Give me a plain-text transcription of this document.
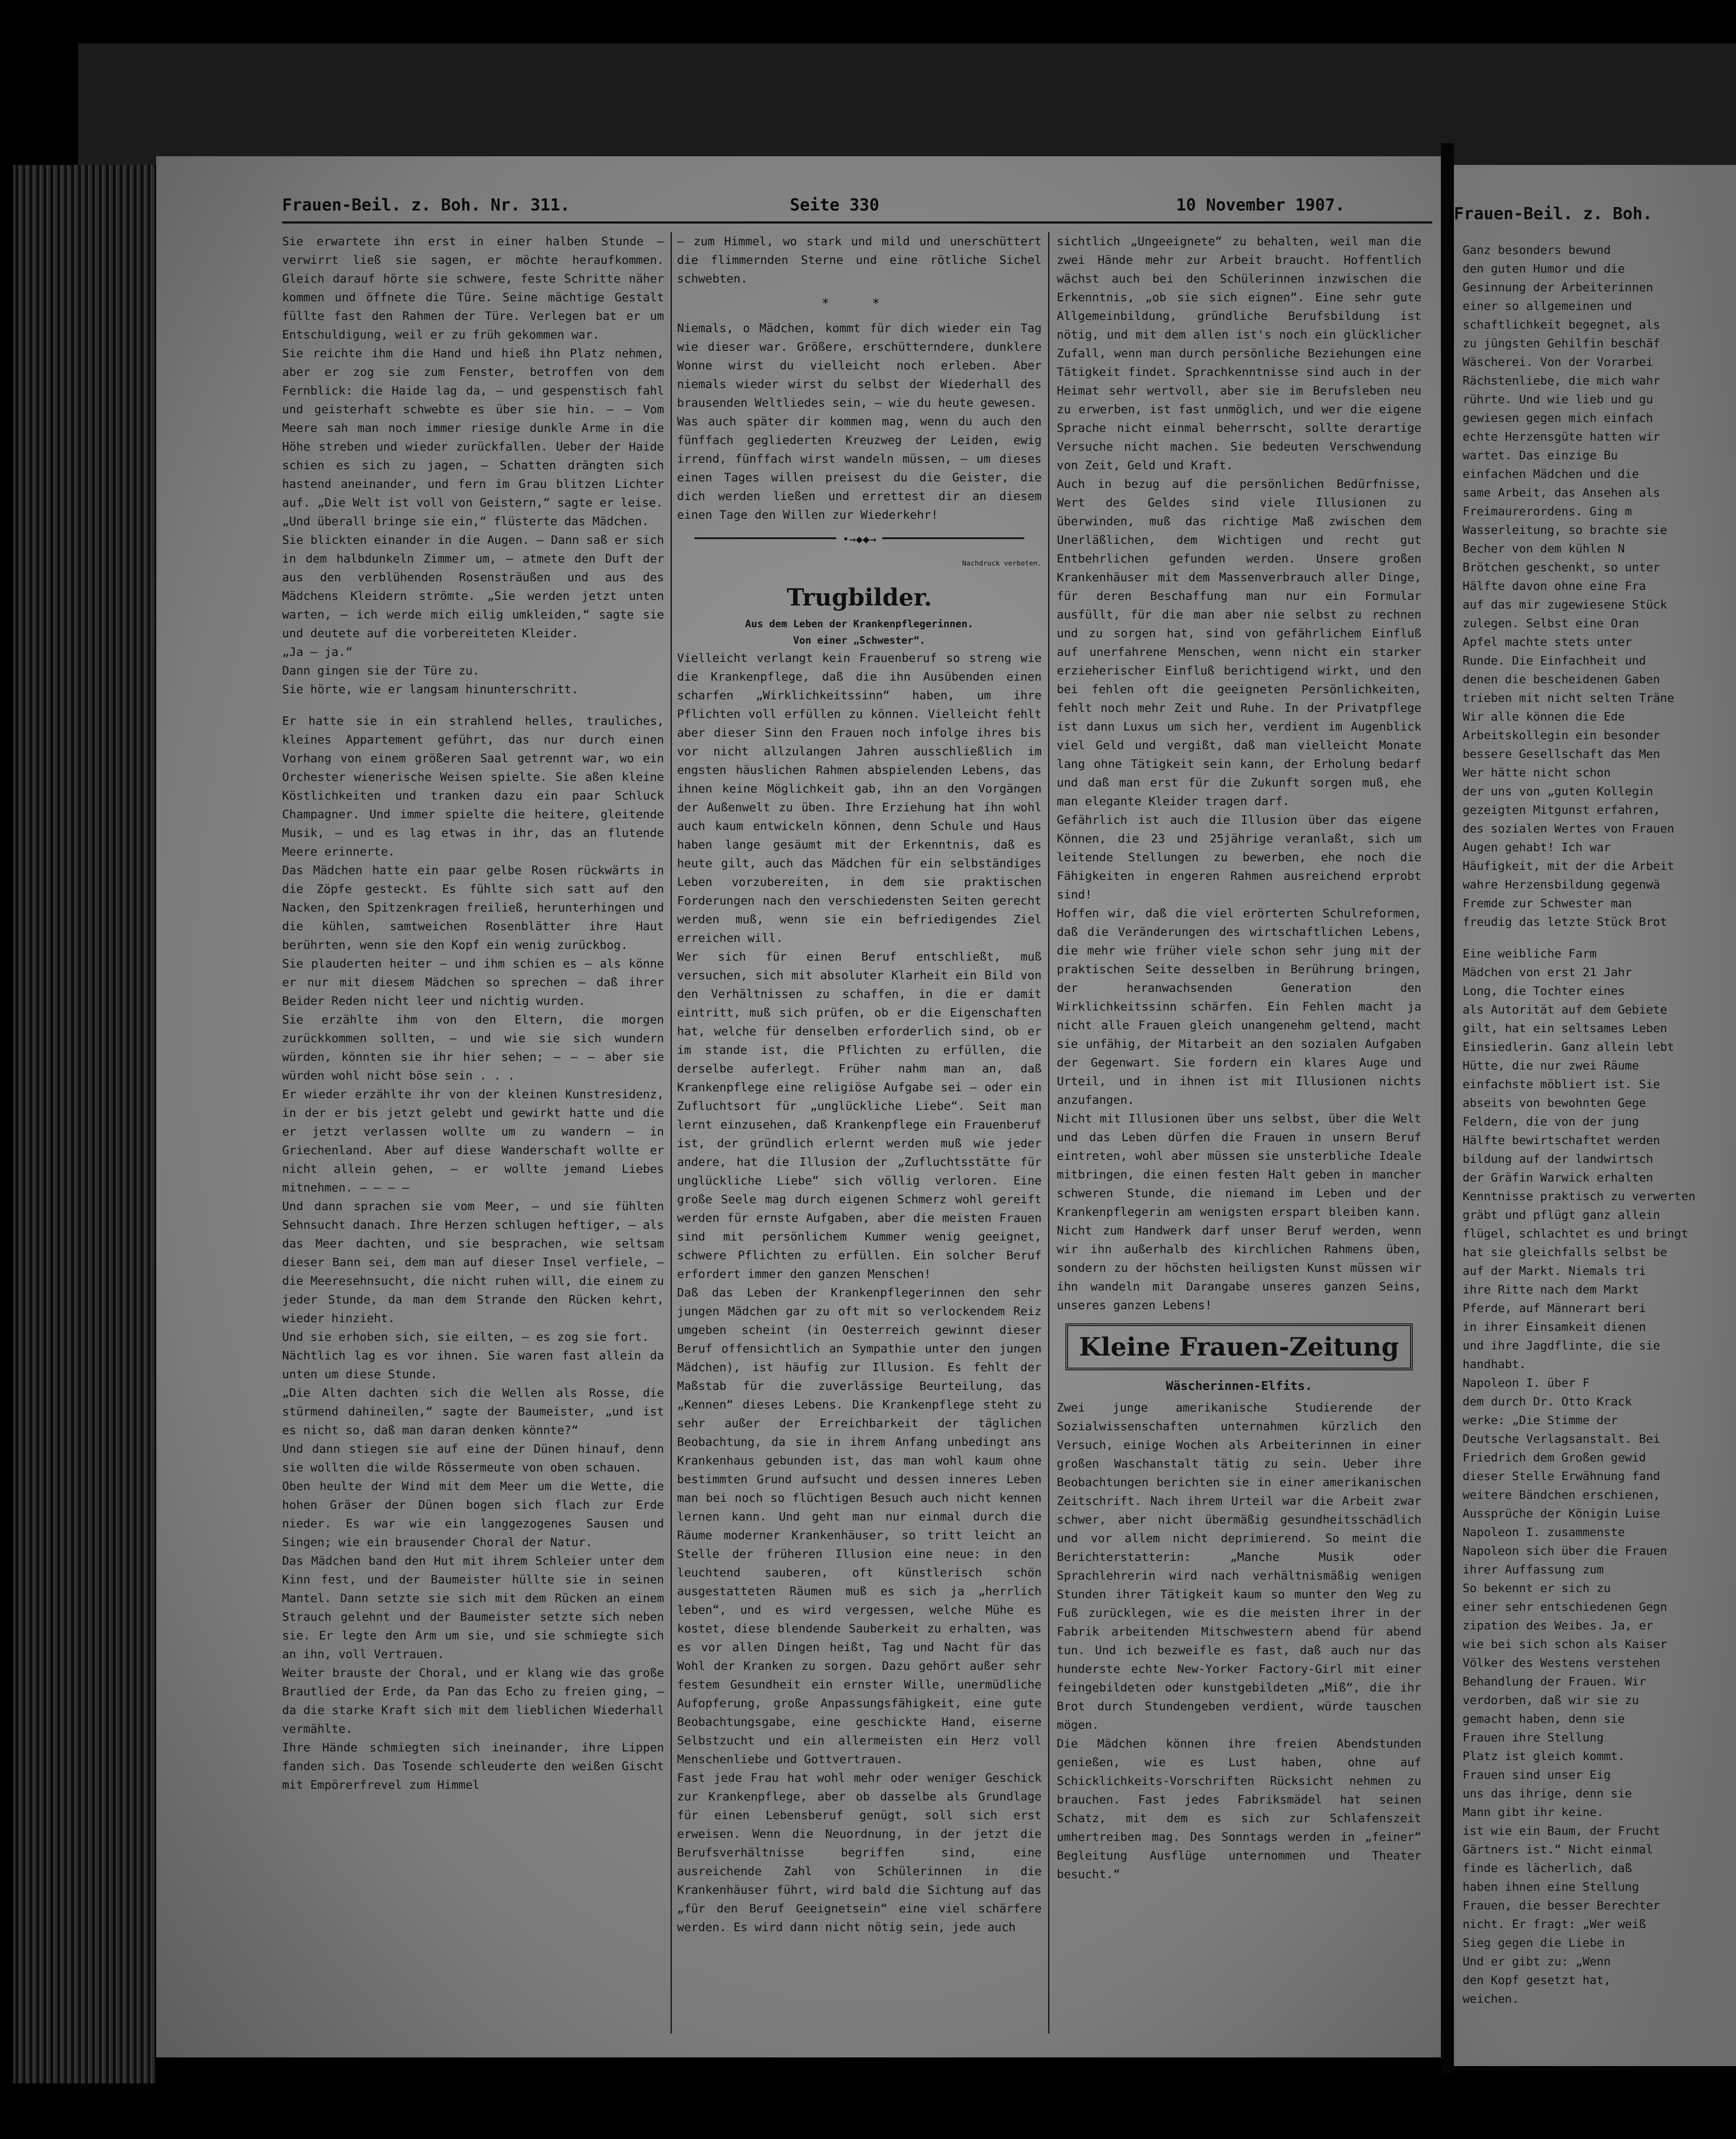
Frauen-Beil. z. Boh. Nr. 311.	Seite 330	10 November 1907.

Sie erwartete ihn erst in einer halben Stunde — verwirrt ließ sie sagen, er möchte heraufkommen. Gleich darauf hörte sie schwere, feste Schritte näher kommen und öffnete die Türe. Seine mächtige Gestalt füllte fast den Rahmen der Türe. Verlegen bat er um Entschuldigung, weil er zu früh gekommen war.

Sie reichte ihm die Hand und hieß ihn Platz nehmen, aber er zog sie zum Fenster, betroffen von dem Fernblick: die Haide lag da, — und gespenstisch fahl und geisterhaft schwebte es über sie hin. — — Vom Meere sah man noch immer riesige dunkle Arme in die Höhe streben und wieder zurückfallen. Ueber der Haide schien es sich zu jagen, — Schatten drängten sich hastend aneinander, und fern im Grau blitzen Lichter auf. „Die Welt ist voll von Geistern,“ sagte er leise.

„Und überall bringe sie ein,“ flüsterte das Mädchen.

Sie blickten einander in die Augen. — Dann saß er sich in dem halbdunkeln Zimmer um, — atmete den Duft der aus den verblühenden Rosensträußen und aus des Mädchens Kleidern strömte. „Sie werden jetzt unten warten, — ich werde mich eilig umkleiden,“ sagte sie und deutete auf die vorbereiteten Kleider.

„Ja — ja.“

Dann gingen sie der Türe zu.

Sie hörte, wie er langsam hinunterschritt.

Er hatte sie in ein strahlend helles, trauliches, kleines Appartement geführt, das nur durch einen Vorhang von einem größeren Saal getrennt war, wo ein Orchester wienerische Weisen spielte. Sie aßen kleine Köstlichkeiten und tranken dazu ein paar Schluck Champagner. Und immer spielte die heitere, gleitende Musik, — und es lag etwas in ihr, das an flutende Meere erinnerte.

Das Mädchen hatte ein paar gelbe Rosen rückwärts in die Zöpfe gesteckt. Es fühlte sich satt auf den Nacken, den Spitzenkragen freiließ, herunterhingen und die kühlen, samtweichen Rosenblätter ihre Haut berührten, wenn sie den Kopf ein wenig zurückbog.

Sie plauderten heiter — und ihm schien es — als könne er nur mit diesem Mädchen so sprechen — daß ihrer Beider Reden nicht leer und nichtig wurden.

Sie erzählte ihm von den Eltern, die morgen zurückkommen sollten, — und wie sie sich wundern würden, könnten sie ihr hier sehen; — — — aber sie würden wohl nicht böse sein . . .

Er wieder erzählte ihr von der kleinen Kunstresidenz, in der er bis jetzt gelebt und gewirkt hatte und die er jetzt verlassen wollte um zu wandern — in Griechenland. Aber auf diese Wanderschaft wollte er nicht allein gehen, — er wollte jemand Liebes mitnehmen. — — — —

Und dann sprachen sie vom Meer, — und sie fühlten Sehnsucht danach. Ihre Herzen schlugen heftiger, — als das Meer dachten, und sie besprachen, wie seltsam dieser Bann sei, dem man auf dieser Insel verfiele, — die Meeresehnsucht, die nicht ruhen will, die einem zu jeder Stunde, da man dem Strande den Rücken kehrt, wieder hinzieht.

Und sie erhoben sich, sie eilten, — es zog sie fort.

Nächtlich lag es vor ihnen. Sie waren fast allein da unten um diese Stunde.

„Die Alten dachten sich die Wellen als Rosse, die stürmend dahineilen,“ sagte der Baumeister, „und ist es nicht so, daß man daran denken könnte?“

Und dann stiegen sie auf eine der Dünen hinauf, denn sie wollten die wilde Rössermeute von oben schauen.

Oben heulte der Wind mit dem Meer um die Wette, die hohen Gräser der Dünen bogen sich flach zur Erde nieder. Es war wie ein langgezogenes Sausen und Singen; wie ein brausender Choral der Natur.

Das Mädchen band den Hut mit ihrem Schleier unter dem Kinn fest, und der Baumeister hüllte sie in seinen Mantel. Dann setzte sie sich mit dem Rücken an einem Strauch gelehnt und der Baumeister setzte sich neben sie. Er legte den Arm um sie, und sie schmiegte sich an ihn, voll Vertrauen.

Weiter brauste der Choral, und er klang wie das große Brautlied der Erde, da Pan das Echo zu freien ging, — da die starke Kraft sich mit dem lieblichen Wiederhall vermählte.

Ihre Hände schmiegten sich ineinander, ihre Lippen fanden sich. Das Tosende schleuderte den weißen Gischt mit Empörerfrevel zum Himmel

— zum Himmel, wo stark und mild und unerschüttert die flimmernden Sterne und eine rötliche Sichel schwebten.

* *

Niemals, o Mädchen, kommt für dich wieder ein Tag wie dieser war. Größere, erschütterndere, dunklere Wonne wirst du vielleicht noch erleben. Aber niemals wieder wirst du selbst der Wiederhall des brausenden Weltliedes sein, — wie du heute gewesen.

Was auch später dir kommen mag, wenn du auch den fünffach gegliederten Kreuzweg der Leiden, ewig irrend, fünffach wirst wandeln müssen, — um dieses einen Tages willen preisest du die Geister, die dich werden ließen und errettest dir an diesem einen Tage den Willen zur Wiederkehr!

•→◆◆→
Nachdruck verboten.
Trugbilder.
Aus dem Leben der Krankenpflegerinnen.
Von einer „Schwester“.

Vielleicht verlangt kein Frauenberuf so streng wie die Krankenpflege, daß die ihn Ausübenden einen scharfen „Wirklichkeitssinn“ haben, um ihre Pflichten voll erfüllen zu können. Vielleicht fehlt aber dieser Sinn den Frauen noch infolge ihres bis vor nicht allzulangen Jahren ausschließlich im engsten häuslichen Rahmen abspielenden Lebens, das ihnen keine Möglichkeit gab, ihn an den Vorgängen der Außenwelt zu üben. Ihre Erziehung hat ihn wohl auch kaum entwickeln können, denn Schule und Haus haben lange gesäumt mit der Erkenntnis, daß es heute gilt, auch das Mädchen für ein selbständiges Leben vorzubereiten, in dem sie praktischen Forderungen nach den verschiedensten Seiten gerecht werden muß, wenn sie ein befriedigendes Ziel erreichen will.

Wer sich für einen Beruf entschließt, muß versuchen, sich mit absoluter Klarheit ein Bild von den Verhältnissen zu schaffen, in die er damit eintritt, muß sich prüfen, ob er die Eigenschaften hat, welche für denselben erforderlich sind, ob er im stande ist, die Pflichten zu erfüllen, die derselbe auferlegt. Früher nahm man an, daß Krankenpflege eine religiöse Aufgabe sei — oder ein Zufluchtsort für „unglückliche Liebe“. Seit man lernt einzusehen, daß Krankenpflege ein Frauenberuf ist, der gründlich erlernt werden muß wie jeder andere, hat die Illusion der „Zufluchtsstätte für unglückliche Liebe“ sich völlig verloren. Eine große Seele mag durch eigenen Schmerz wohl gereift werden für ernste Aufgaben, aber die meisten Frauen sind mit persönlichem Kummer wenig geeignet, schwere Pflichten zu erfüllen. Ein solcher Beruf erfordert immer den ganzen Menschen!

Daß das Leben der Krankenpflegerinnen den sehr jungen Mädchen gar zu oft mit so verlockendem Reiz umgeben scheint (in Oesterreich gewinnt dieser Beruf offensichtlich an Sympathie unter den jungen Mädchen), ist häufig zur Illusion. Es fehlt der Maßstab für die zuverlässige Beurteilung, das „Kennen“ dieses Lebens. Die Krankenpflege steht zu sehr außer der Erreichbarkeit der täglichen Beobachtung, da sie in ihrem Anfang unbedingt ans Krankenhaus gebunden ist, das man wohl kaum ohne bestimmten Grund aufsucht und dessen inneres Leben man bei noch so flüchtigen Besuch auch nicht kennen lernen kann. Und geht man nur einmal durch die Räume moderner Krankenhäuser, so tritt leicht an Stelle der früheren Illusion eine neue: in den leuchtend sauberen, oft künstlerisch schön ausgestatteten Räumen muß es sich ja „herrlich leben“, und es wird vergessen, welche Mühe es kostet, diese blendende Sauberkeit zu erhalten, was es vor allen Dingen heißt, Tag und Nacht für das Wohl der Kranken zu sorgen. Dazu gehört außer sehr festem Gesundheit ein ernster Wille, unermüdliche Aufopferung, große Anpassungsfähigkeit, eine gute Beobachtungsgabe, eine geschickte Hand, eiserne Selbstzucht und ein allermeisten ein Herz voll Menschenliebe und Gottvertrauen.

Fast jede Frau hat wohl mehr oder weniger Geschick zur Krankenpflege, aber ob dasselbe als Grundlage für einen Lebensberuf genügt, soll sich erst erweisen. Wenn die Neuordnung, in der jetzt die Berufsverhältnisse begriffen sind, eine ausreichende Zahl von Schülerinnen in die Krankenhäuser führt, wird bald die Sichtung auf das „für den Beruf Geeignetsein“ eine viel schärfere werden. Es wird dann nicht nötig sein, jede auch

sichtlich „Ungeeignete“ zu behalten, weil man die zwei Hände mehr zur Arbeit braucht. Hoffentlich wächst auch bei den Schülerinnen inzwischen die Erkenntnis, „ob sie sich eignen“. Eine sehr gute Allgemeinbildung, gründliche Berufsbildung ist nötig, und mit dem allen ist's noch ein glücklicher Zufall, wenn man durch persönliche Beziehungen eine Tätigkeit findet. Sprachkenntnisse sind auch in der Heimat sehr wertvoll, aber sie im Berufsleben neu zu erwerben, ist fast unmöglich, und wer die eigene Sprache nicht einmal beherrscht, sollte derartige Versuche nicht machen. Sie bedeuten Verschwendung von Zeit, Geld und Kraft.

Auch in bezug auf die persönlichen Bedürfnisse, Wert des Geldes sind viele Illusionen zu überwinden, muß das richtige Maß zwischen dem Unerläßlichen, dem Wichtigen und recht gut Entbehrlichen gefunden werden. Unsere großen Krankenhäuser mit dem Massenverbrauch aller Dinge, für deren Beschaffung man nur ein Formular ausfüllt, für die man aber nie selbst zu rechnen und zu sorgen hat, sind von gefährlichem Einfluß auf unerfahrene Menschen, wenn nicht ein starker erzieherischer Einfluß berichtigend wirkt, und den bei fehlen oft die geeigneten Persönlichkeiten, fehlt noch mehr Zeit und Ruhe. In der Privatpflege ist dann Luxus um sich her, verdient im Augenblick viel Geld und vergißt, daß man vielleicht Monate lang ohne Tätigkeit sein kann, der Erholung bedarf und daß man erst für die Zukunft sorgen muß, ehe man elegante Kleider tragen darf.

Gefährlich ist auch die Illusion über das eigene Können, die 23 und 25jährige veranlaßt, sich um leitende Stellungen zu bewerben, ehe noch die Fähigkeiten in engeren Rahmen ausreichend erprobt sind!

Hoffen wir, daß die viel erörterten Schulreformen, daß die Veränderungen des wirtschaftlichen Lebens, die mehr wie früher viele schon sehr jung mit der praktischen Seite desselben in Berührung bringen, der heranwachsenden Generation den Wirklichkeitssinn schärfen. Ein Fehlen macht ja nicht alle Frauen gleich unangenehm geltend, macht sie unfähig, der Mitarbeit an den sozialen Aufgaben der Gegenwart. Sie fordern ein klares Auge und Urteil, und in ihnen ist mit Illusionen nichts anzufangen.

Nicht mit Illusionen über uns selbst, über die Welt und das Leben dürfen die Frauen in unsern Beruf eintreten, wohl aber müssen sie unsterbliche Ideale mitbringen, die einen festen Halt geben in mancher schweren Stunde, die niemand im Leben und der Krankenpflegerin am wenigsten erspart bleiben kann. Nicht zum Handwerk darf unser Beruf werden, wenn wir ihn außerhalb des kirchlichen Rahmens üben, sondern zu der höchsten heiligsten Kunst müssen wir ihn wandeln mit Darangabe unseres ganzen Seins, unseres ganzen Lebens!

Kleine Frauen-Zeitung
Wäscherinnen-Elfits.

Zwei junge amerikanische Studierende der Sozialwissenschaften unternahmen kürzlich den Versuch, einige Wochen als Arbeiterinnen in einer großen Waschanstalt tätig zu sein. Ueber ihre Beobachtungen berichten sie in einer amerikanischen Zeitschrift. Nach ihrem Urteil war die Arbeit zwar schwer, aber nicht übermäßig gesundheitsschädlich und vor allem nicht deprimierend. So meint die Berichterstatterin: „Manche Musik oder Sprachlehrerin wird nach verhältnismäßig wenigen Stunden ihrer Tätigkeit kaum so munter den Weg zu Fuß zurücklegen, wie es die meisten ihrer in der Fabrik arbeitenden Mitschwestern abend für abend tun. Und ich bezweifle es fast, daß auch nur das hunderste echte New-Yorker Factory-Girl mit einer feingebildeten oder kunstgebildeten „Miß“, die ihr Brot durch Stundengeben verdient, würde tauschen mögen.

Die Mädchen können ihre freien Abendstunden genießen, wie es Lust haben, ohne auf Schicklichkeits-Vorschriften Rücksicht nehmen zu brauchen. Fast jedes Fabriksmädel hat seinen Schatz, mit dem es sich zur Schlafenszeit umhertreiben mag. Des Sonntags werden in „feiner“ Begleitung Ausflüge unternommen und Theater besucht.“

Frauen-Beil. z. Boh.

Ganz besonders bewund

den guten Humor und die

Gesinnung der Arbeiterinnen

einer so allgemeinen und

schaftlichkeit begegnet, als

zu jüngsten Gehilfin beschäf

Wäscherei. Von der Vorarbei

Rächstenliebe, die mich wahr

rührte. Und wie lieb und gu

gewiesen gegen mich einfach

echte Herzensgüte hatten wir

wartet. Das einzige Bu

einfachen Mädchen und die

same Arbeit, das Ansehen als

Freimaurerordens. Ging m

Wasserleitung, so brachte sie

Becher von dem kühlen N

Brötchen geschenkt, so unter

Hälfte davon ohne eine Fra

auf das mir zugewiesene Stück

zulegen. Selbst eine Oran

Apfel machte stets unter

Runde. Die Einfachheit und

denen die bescheidenen Gaben

trieben mit nicht selten Träne

Wir alle können die Ede

Arbeitskollegin ein besonder

bessere Gesellschaft das Men

Wer hätte nicht schon

der uns von „guten Kollegin

gezeigten Mitgunst erfahren,

des sozialen Wertes von Frauen

Augen gehabt! Ich war

Häufigkeit, mit der die Arbeit

wahre Herzensbildung gegenwä

Fremde zur Schwester man

freudig das letzte Stück Brot

Eine weibliche Farm

Mädchen von erst 21 Jahr

Long, die Tochter eines

als Autorität auf dem Gebiete

gilt, hat ein seltsames Leben

Einsiedlerin. Ganz allein lebt

Hütte, die nur zwei Räume

einfachste möbliert ist. Sie

abseits von bewohnten Gege

Feldern, die von der jung

Hälfte bewirtschaftet werden

bildung auf der landwirtsch

der Gräfin Warwick erhalten

Kenntnisse praktisch zu verwerten

gräbt und pflügt ganz allein

flügel, schlachtet es und bringt

hat sie gleichfalls selbst be

auf der Markt. Niemals tri

ihre Ritte nach dem Markt

Pferde, auf Männerart beri

in ihrer Einsamkeit dienen

und ihre Jagdflinte, die sie

handhabt.

Napoleon I. über F

dem durch Dr. Otto Krack

werke: „Die Stimme der

Deutsche Verlagsanstalt. Bei

Friedrich dem Großen gewid

dieser Stelle Erwähnung fand

weitere Bändchen erschienen,

Aussprüche der Königin Luise

Napoleon I. zusammenste

Napoleon sich über die Frauen

ihrer Auffassung zum

So bekennt er sich zu

einer sehr entschiedenen Gegn

zipation des Weibes. Ja, er

wie bei sich schon als Kaiser

Völker des Westens verstehen

Behandlung der Frauen. Wir

verdorben, daß wir sie zu

gemacht haben, denn sie

Frauen ihre Stellung

Platz ist gleich kommt.

Frauen sind unser Eig

uns das ihrige, denn sie

Mann gibt ihr keine.

ist wie ein Baum, der Frucht

Gärtners ist.“ Nicht einmal

finde es lächerlich, daß

haben ihnen eine Stellung

Frauen, die besser Berechter

nicht. Er fragt: „Wer weiß

Sieg gegen die Liebe in

Und er gibt zu: „Wenn

den Kopf gesetzt hat,

weichen.
